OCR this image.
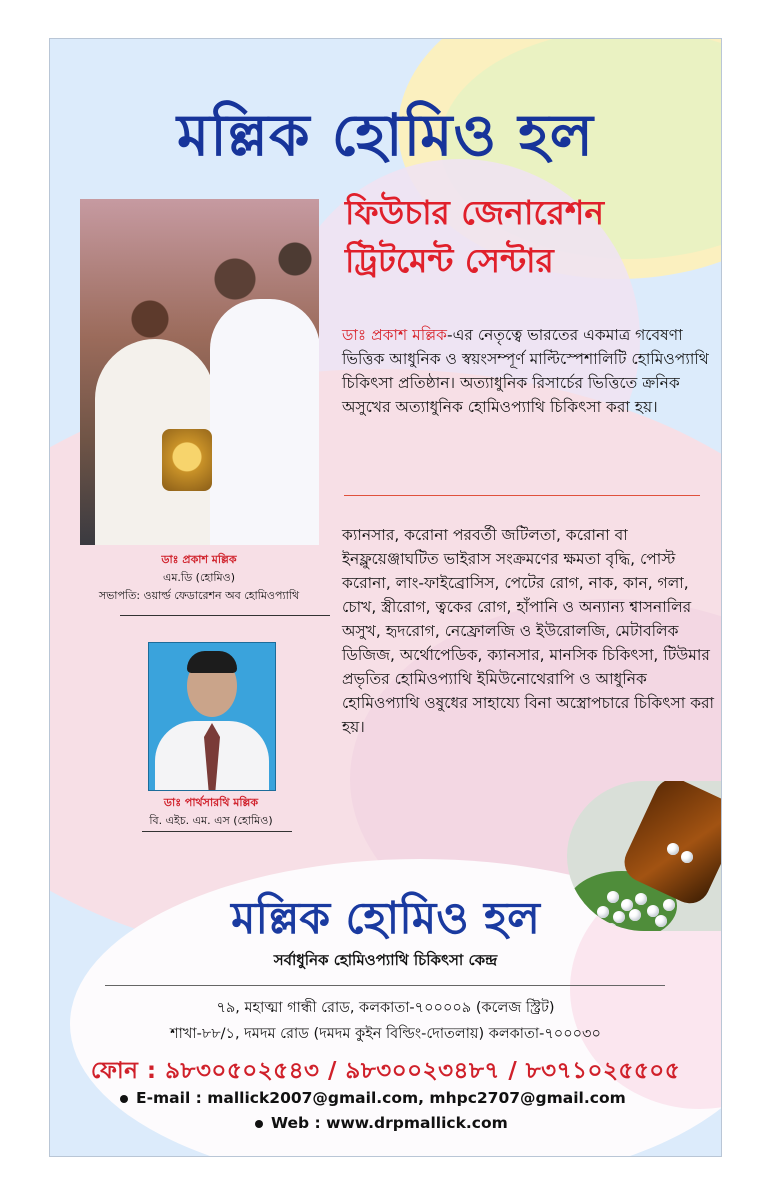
মল্লিক হোমিও হল

ডাঃ প্রকাশ মল্লিক

এম.ডি (হোমিও)

সভাপতি: ওয়ার্ল্ড ফেডারেশন অব হোমিওপ্যাথি

ডাঃ পার্থসারথি মল্লিক

বি. এইচ. এম. এস (হোমিও)

ফিউচার জেনারেশন
ট্রিটমেন্ট সেন্টার

ডাঃ প্রকাশ মল্লিক-এর নেতৃত্বে ভারতের একমাত্র গবেষণা ভিত্তিক আধুনিক ও স্বয়ংসম্পূর্ণ মাল্টিস্পেশালিটি হোমিওপ্যাথি চিকিৎসা প্রতিষ্ঠান। অত্যাধুনিক রিসার্চের ভিত্তিতে ক্রনিক অসুখের অত্যাধুনিক হোমিওপ্যাথি চিকিৎসা করা হয়।

ক্যানসার, করোনা পরবর্তী জটিলতা, করোনা বা ইনফ্লুয়েঞ্জাঘটিত ভাইরাস সংক্রমণের ক্ষমতা বৃদ্ধি, পোস্ট করোনা, লাং-ফাইব্রোসিস, পেটের রোগ, নাক, কান, গলা, চোখ, স্ত্রীরোগ, ত্বকের রোগ, হাঁপানি ও অন্যান্য শ্বাসনালির অসুখ, হৃদরোগ, নেফ্রোলজি ও ইউরোলজি, মেটাবলিক ডিজিজ, অর্থোপেডিক, ক্যানসার, মানসিক চিকিৎসা, টিউমার প্রভৃতির হোমিওপ্যাথি ইমিউনোথেরাপি ও আধুনিক হোমিওপ্যাথি ওষুধের সাহায্যে বিনা অস্ত্রোপচারে চিকিৎসা করা হয়।

মল্লিক হোমিও হল

সর্বাধুনিক হোমিওপ্যাথি চিকিৎসা কেন্দ্র

৭৯, মহাত্মা গান্ধী রোড, কলকাতা-৭০০০০৯ (কলেজ স্ট্রিট)

শাখা-৮৮/১, দমদম রোড (দমদম কুইন বিল্ডিং-দোতলায়) কলকাতা-৭০০০৩০

ফোন : ৯৮৩০৫০২৫৪৩ / ৯৮৩০০২৩৪৮৭ / ৮৩৭১০২৫৫০৫

E-mail : mallick2007@gmail.com, mhpc2707@gmail.com

Web : www.drpmallick.com
